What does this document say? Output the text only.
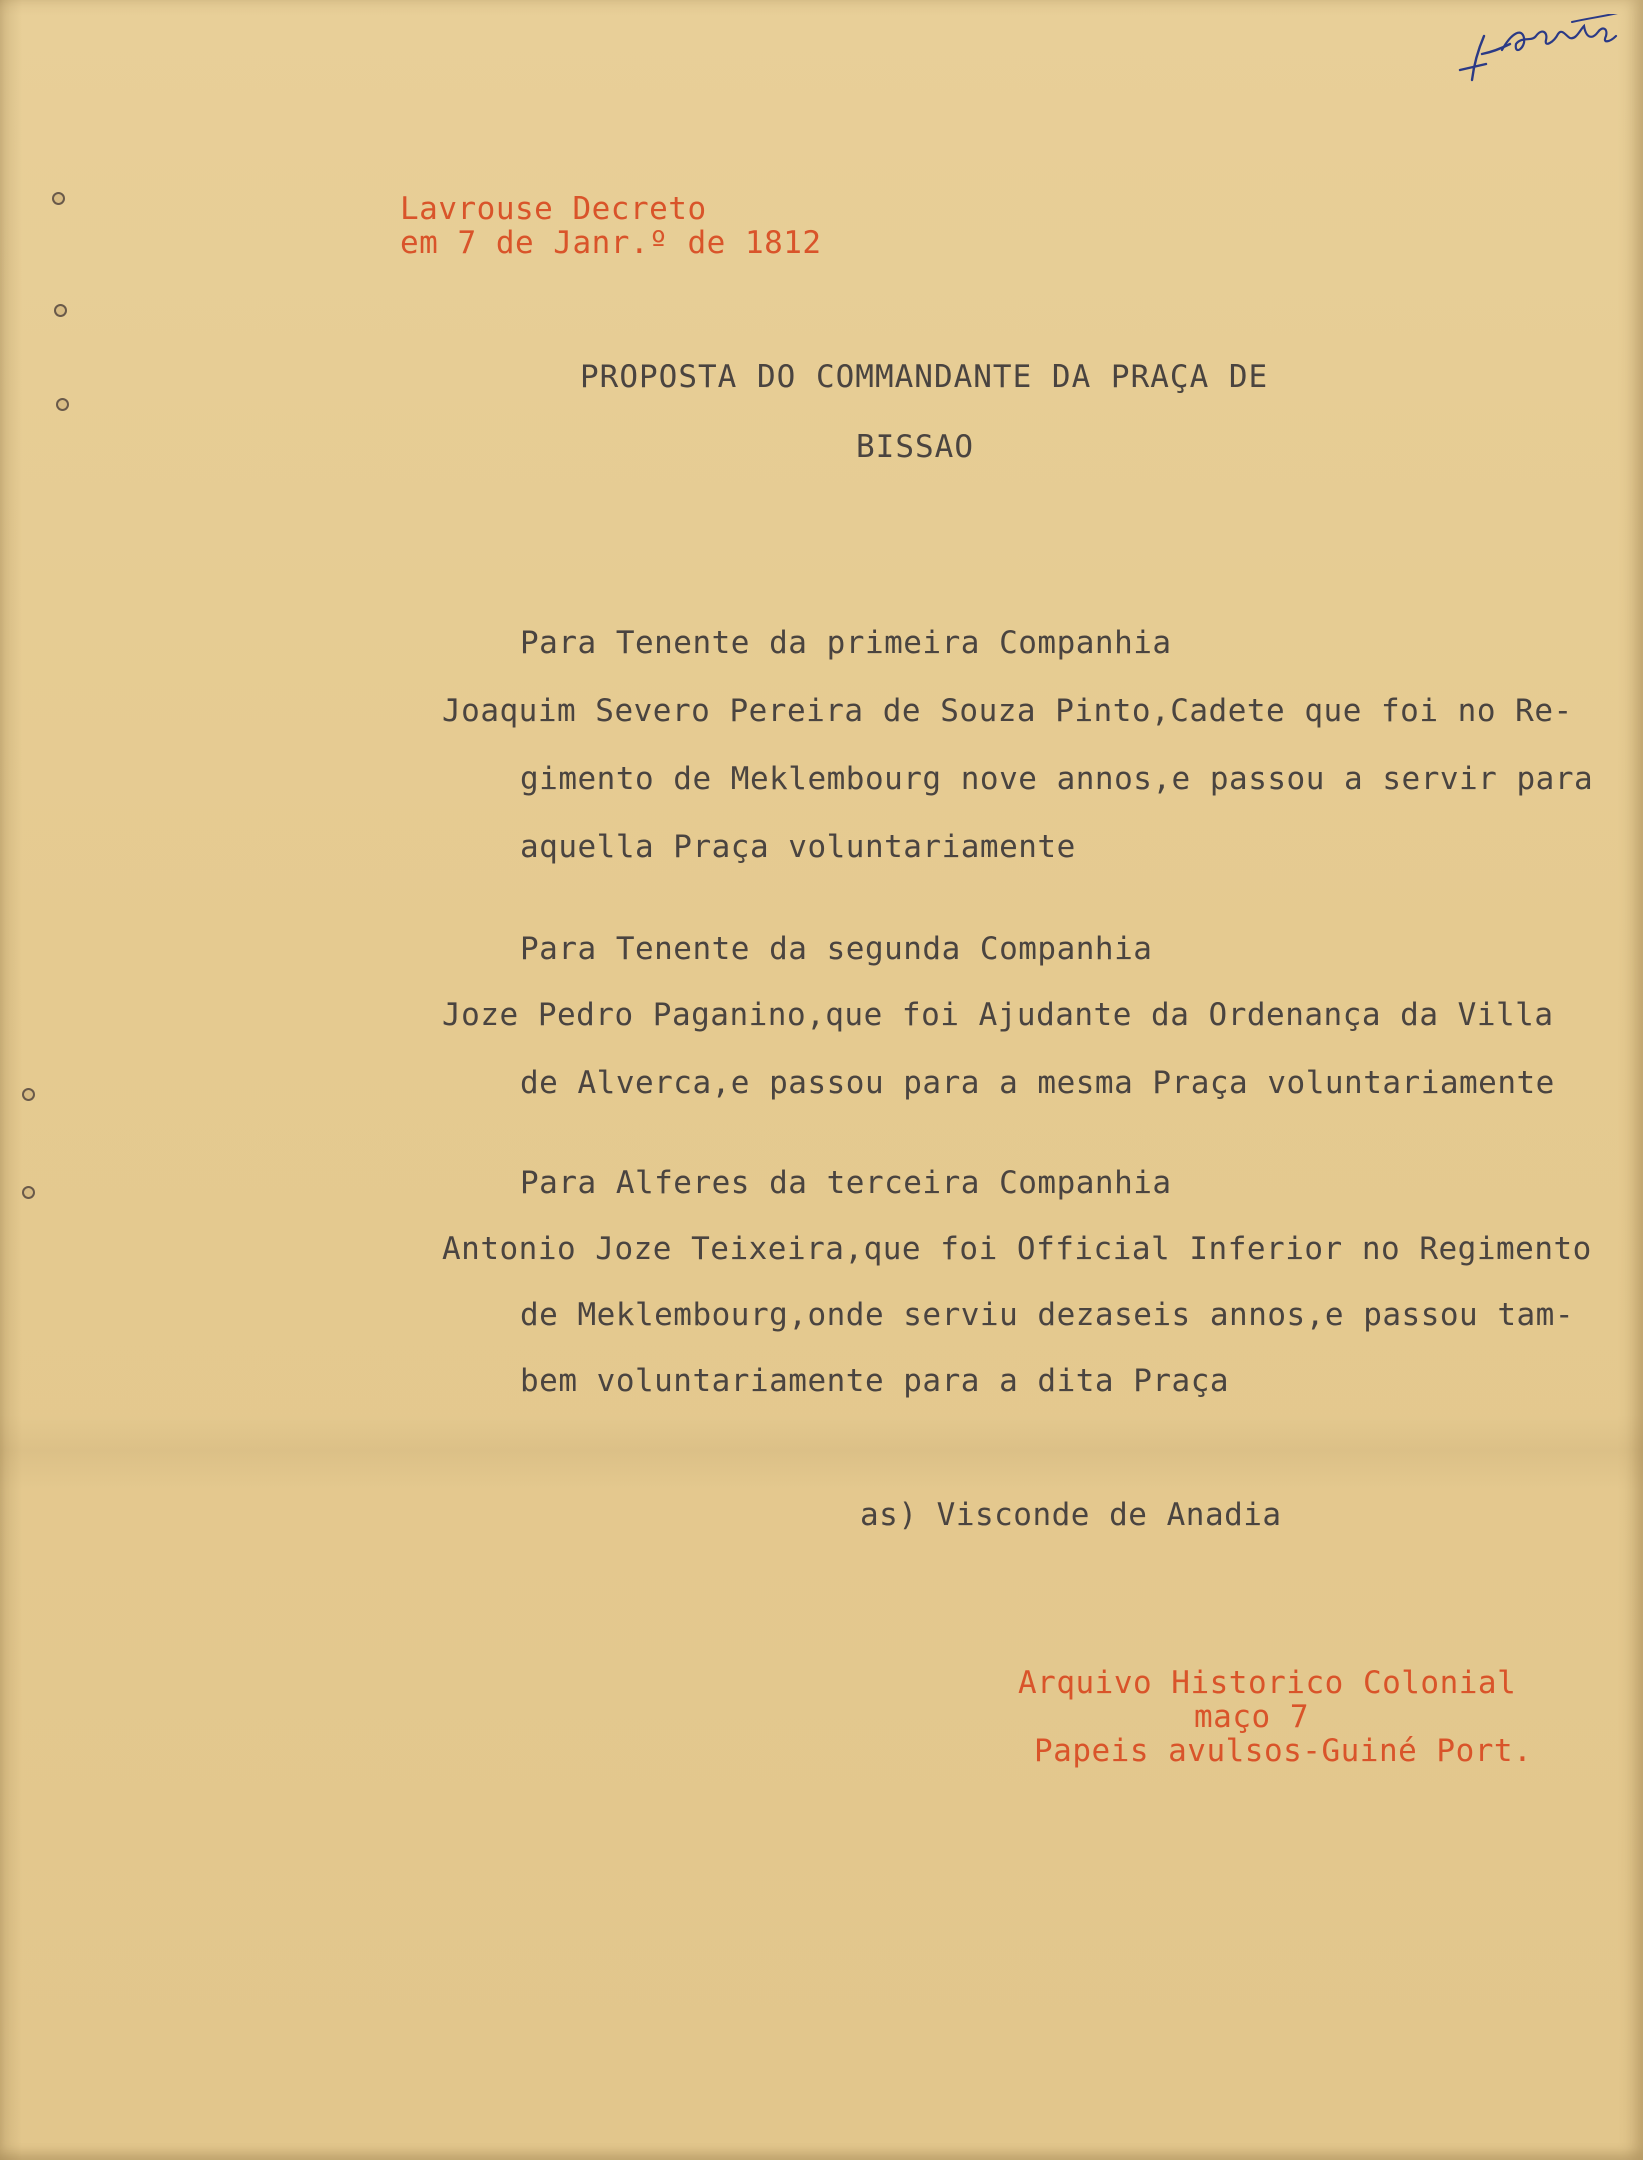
Lavrouse Decreto
em 7 de Janr.º de 1812
PROPOSTA DO COMMANDANTE DA PRAÇA DE
BISSAO
Para Tenente da primeira Companhia
Joaquim Severo Pereira de Souza Pinto,Cadete que foi no Re-
gimento de Meklembourg nove annos,e passou a servir para
aquella Praça voluntariamente
Para Tenente da segunda Companhia
Joze Pedro Paganino,que foi Ajudante da Ordenança da Villa
de Alverca,e passou para a mesma Praça voluntariamente
Para Alferes da terceira Companhia
Antonio Joze Teixeira,que foi Official Inferior no Regimento
de Meklembourg,onde serviu dezaseis annos,e passou tam-
bem voluntariamente para a dita Praça
as) Visconde de Anadia
Arquivo Historico Colonial
maço 7
Papeis avulsos-Guiné Port.
